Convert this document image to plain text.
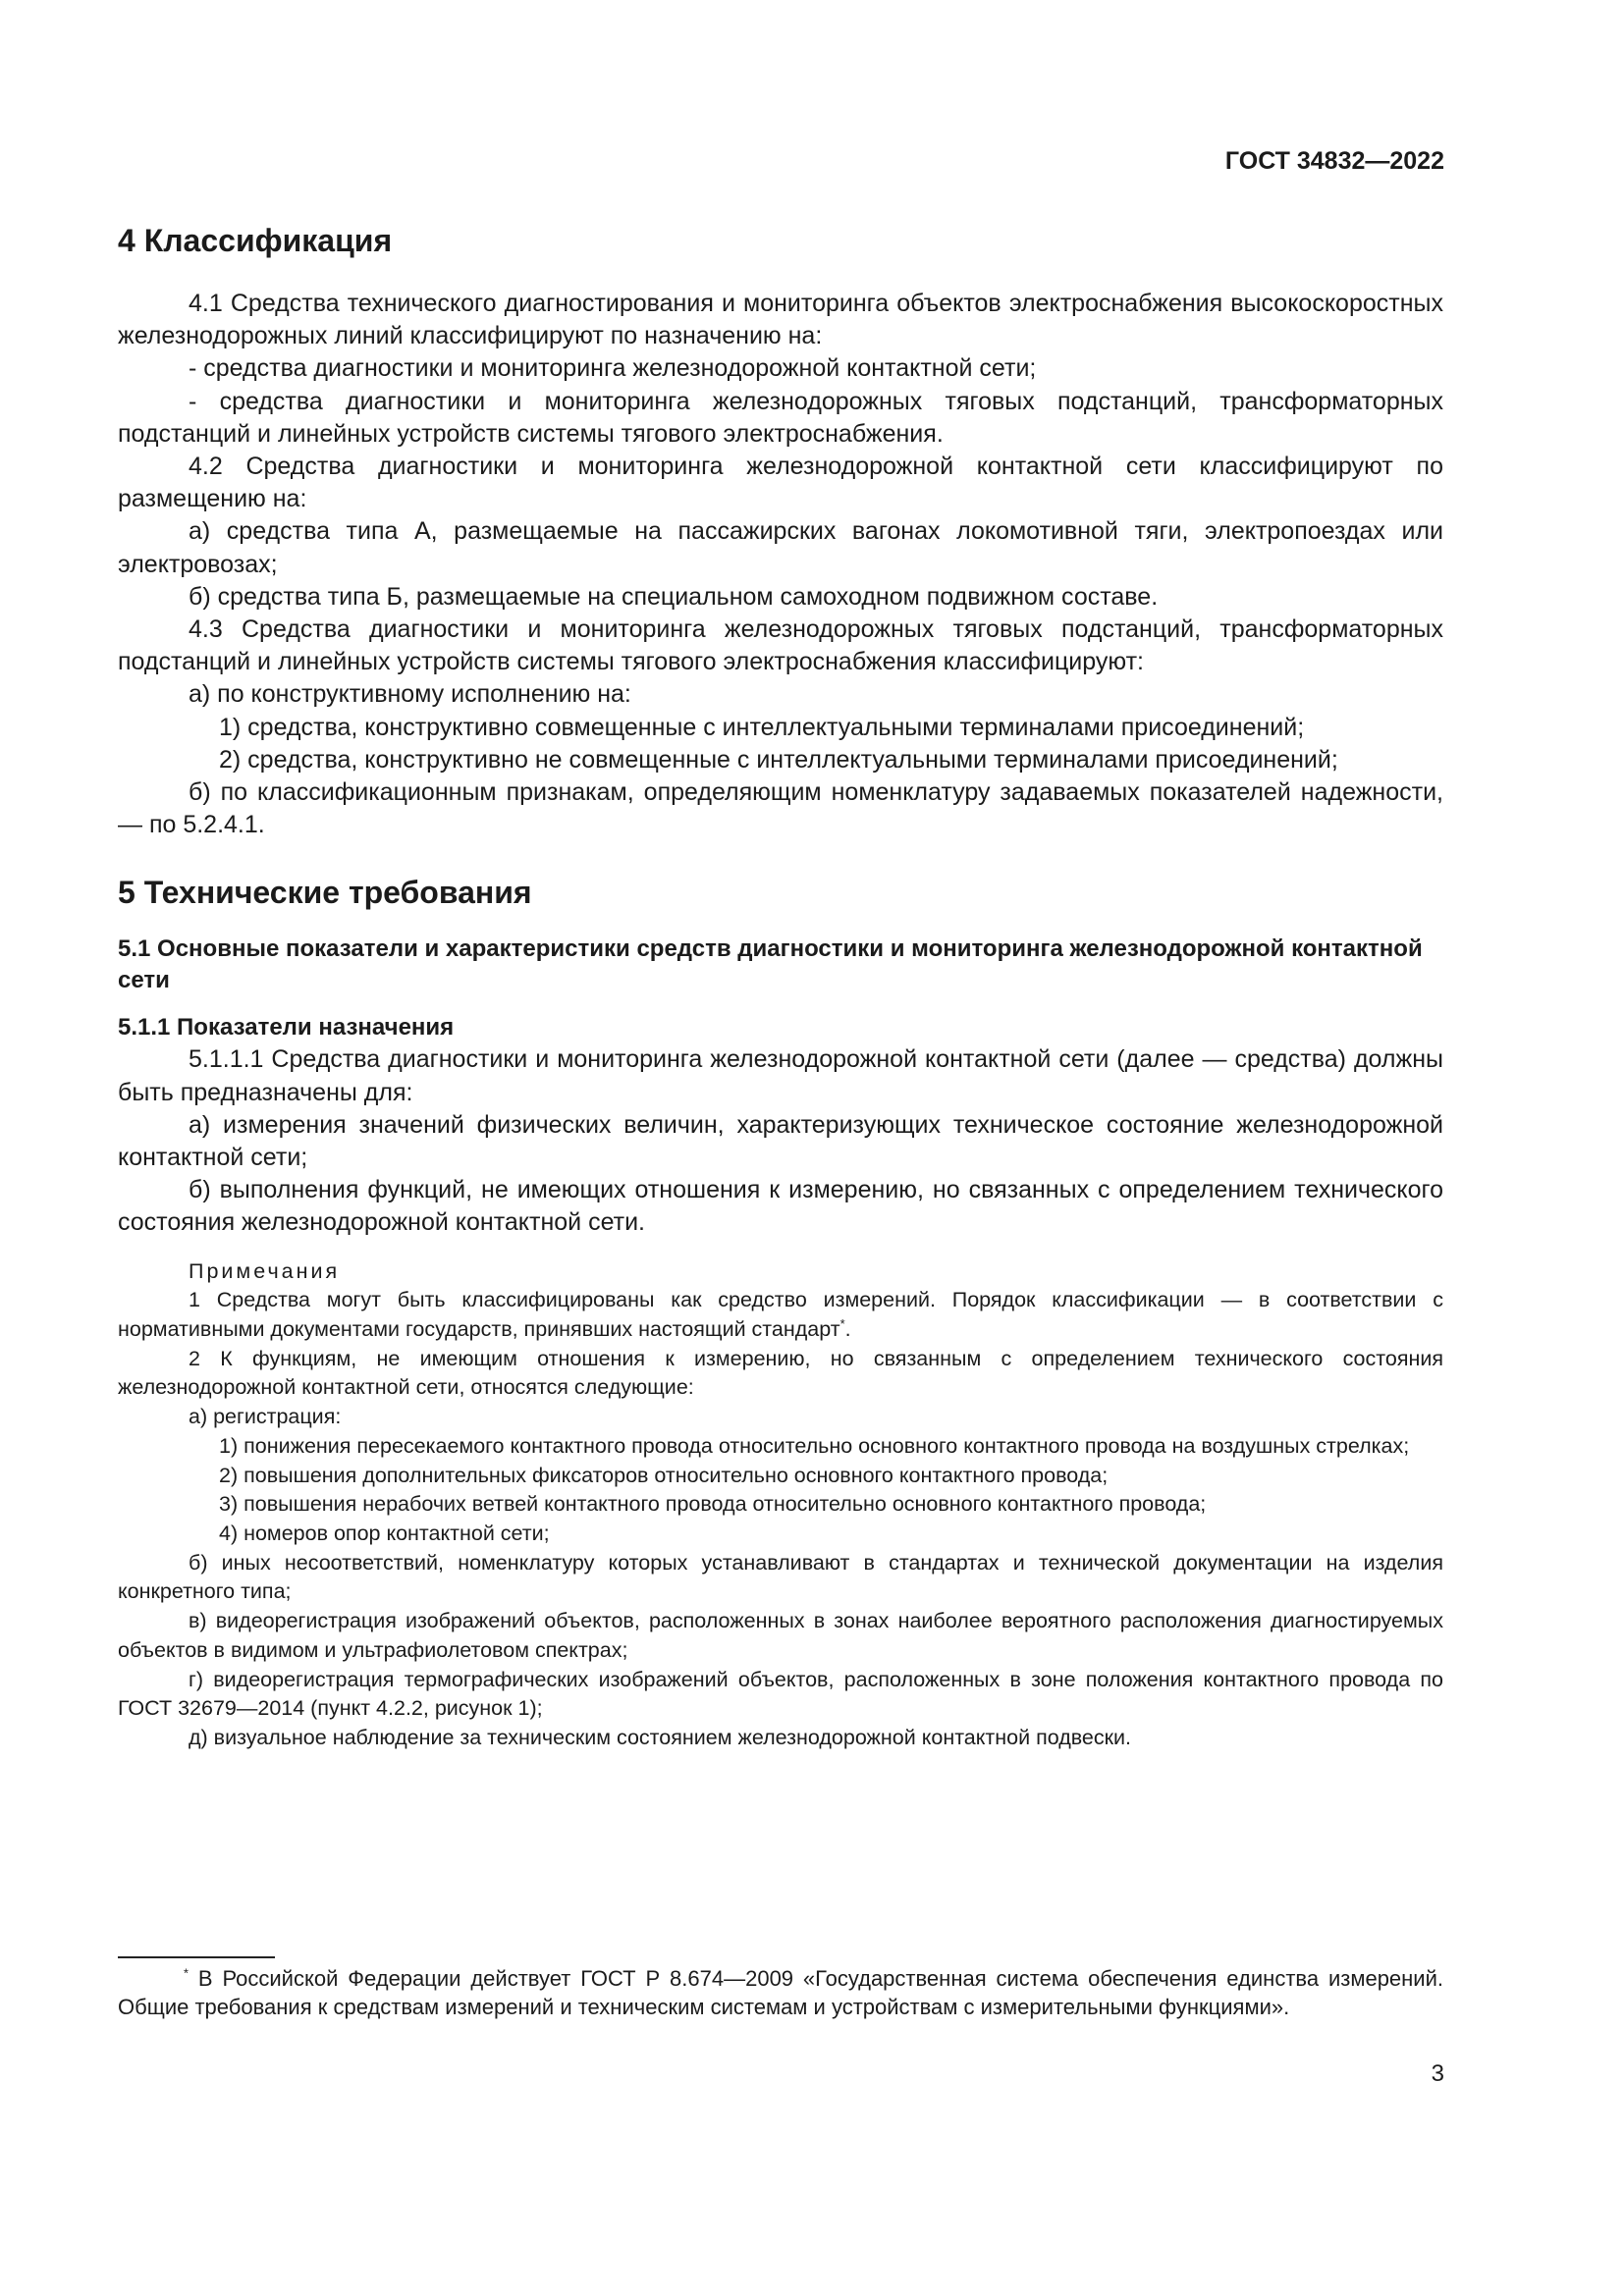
ГОСТ 34832—2022
4 Классификация

4.1 Средства технического диагностирования и мониторинга объектов электроснабжения высокоскоростных железнодорожных линий классифицируют по назначению на:

- средства диагностики и мониторинга железнодорожной контактной сети;

- средства диагностики и мониторинга железнодорожных тяговых подстанций, трансформаторных подстанций и линейных устройств системы тягового электроснабжения.

4.2 Средства диагностики и мониторинга железнодорожной контактной сети классифицируют по размещению на:

а) средства типа А, размещаемые на пассажирских вагонах локомотивной тяги, электропоездах или электровозах;

б) средства типа Б, размещаемые на специальном самоходном подвижном составе.

4.3 Средства диагностики и мониторинга железнодорожных тяговых подстанций, трансформаторных подстанций и линейных устройств системы тягового электроснабжения классифицируют:

а) по конструктивному исполнению на:

1) средства, конструктивно совмещенные с интеллектуальными терминалами присоединений;

2) средства, конструктивно не совмещенные с интеллектуальными терминалами присоединений;

б) по классификационным признакам, определяющим номенклатуру задаваемых показателей надежности, — по 5.2.4.1.

5 Технические требования
5.1 Основные показатели и характеристики средств диагностики и мониторинга железнодорожной контактной сети
5.1.1 Показатели назначения

5.1.1.1 Средства диагностики и мониторинга железнодорожной контактной сети (далее — средства) должны быть предназначены для:

а) измерения значений физических величин, характеризующих техническое состояние железнодорожной контактной сети;

б) выполнения функций, не имеющих отношения к измерению, но связанных с определением технического состояния железнодорожной контактной сети.

Примечания

1 Средства могут быть классифицированы как средство измерений. Порядок классификации — в соответствии с нормативными документами государств, принявших настоящий стандарт*.

2 К функциям, не имеющим отношения к измерению, но связанным с определением технического состояния железнодорожной контактной сети, относятся следующие:

а) регистрация:

1) понижения пересекаемого контактного провода относительно основного контактного провода на воздушных стрелках;

2) повышения дополнительных фиксаторов относительно основного контактного провода;

3) повышения нерабочих ветвей контактного провода относительно основного контактного провода;

4) номеров опор контактной сети;

б) иных несоответствий, номенклатуру которых устанавливают в стандартах и технической документации на изделия конкретного типа;

в) видеорегистрация изображений объектов, расположенных в зонах наиболее вероятного расположения диагностируемых объектов в видимом и ультрафиолетовом спектрах;

г) видеорегистрация термографических изображений объектов, расположенных в зоне положения контактного провода по ГОСТ 32679—2014 (пункт 4.2.2, рисунок 1);

д) визуальное наблюдение за техническим состоянием железнодорожной контактной подвески.

* В Российской Федерации действует ГОСТ Р 8.674—2009 «Государственная система обеспечения единства измерений. Общие требования к средствам измерений и техническим системам и устройствам с измерительными функциями».
3
